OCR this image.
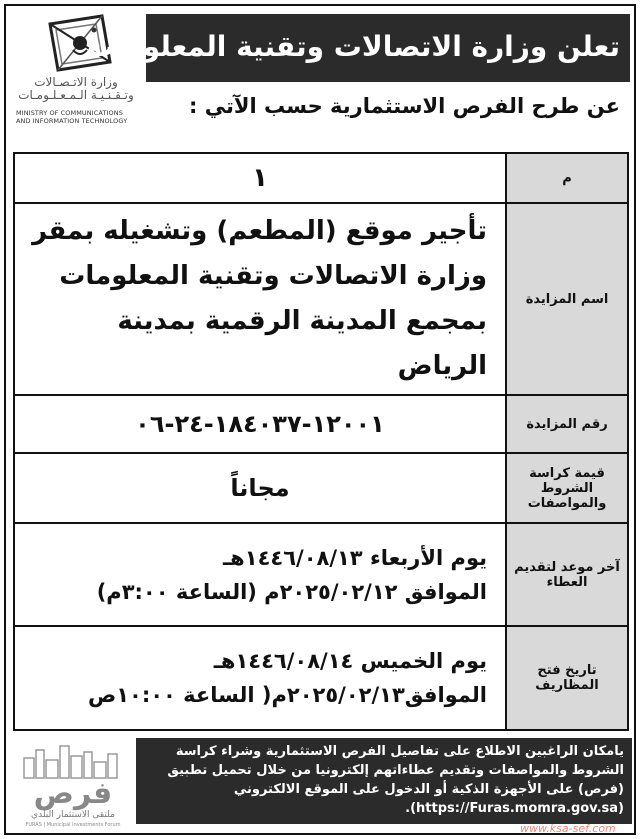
وزارة الاتـصـالات
وتـقـنـيـة الـمـعـلـومـات
MINISTRY OF COMMUNICATIONS
AND INFORMATION TECHNOLOGY
تعلن وزارة الاتصالات وتقنية المعلومات
عن طرح الفرص الاستثمارية حسب الآتي :
م
١
اسم المزايدة
تأجير موقع (المطعم) وتشغيله بمقر وزارة الاتصالات وتقنية المعلومات بمجمع المدينة الرقمية بمدينة الرياض
رقم المزايدة
١٢٠٠١-١٨٤٠٣٧-٢٤-٠٦
قيمة كراسة الشروط والمواصفات
مجاناً
آخر موعد لتقديم العطاء
يوم الأربعاء ١٤٤٦/٠٨/١٣هـ
الموافق ٢٠٢٥/٠٢/١٢م (الساعة ٣:٠٠م)
تاريخ فتح المظاريف
يوم الخميس ١٤٤٦/٠٨/١٤هـ
الموافق٢٠٢٥/٠٢/١٣م( الساعة ١٠:٠٠ص
فرص
ملتقى الاستثمار البلدي
FURAS | Municipal Investments Forum
يامكان الراغبين الاطلاع على تفاصيل الفرص الاستثمارية وشراء كراسة الشروط والمواصفات وتقديم عطاءاتهم إلكترونيا من خلال تحميل تطبيق (فرص) على الأجهزة الذكية أو الدخول على الموقع الالكتروني (https://Furas.momra.gov.sa).
www.ksa-sef.com
